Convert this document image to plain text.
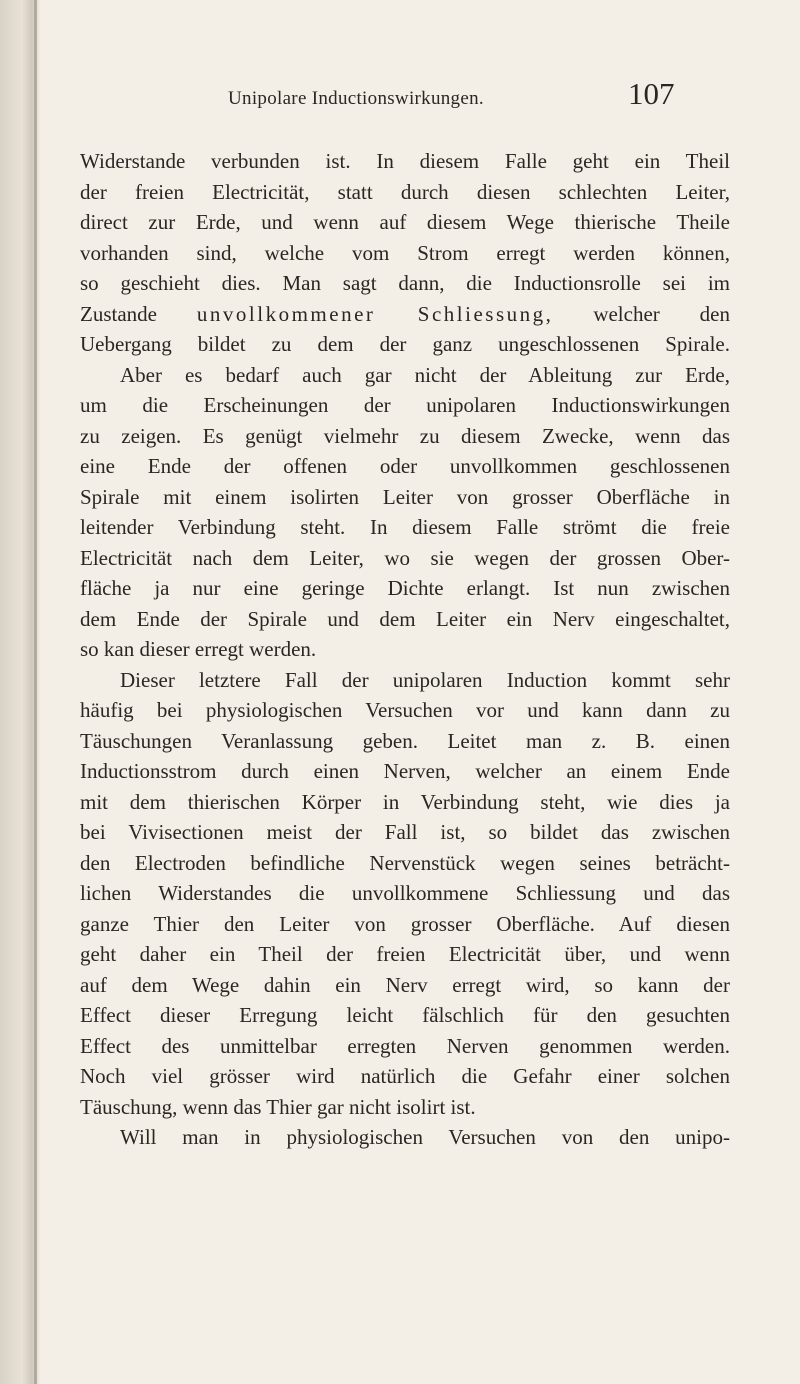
Unipolare Inductionswirkungen.	107
Widerstande verbunden ist. In diesem Falle geht ein Theil
der freien Electricität, statt durch diesen schlechten Leiter,
direct zur Erde, und wenn auf diesem Wege thierische Theile
vorhanden sind, welche vom Strom erregt werden können,
so geschieht dies. Man sagt dann, die Inductionsrolle sei im
Zustande unvollkommener Schliessung, welcher den
Uebergang bildet zu dem der ganz ungeschlossenen Spirale.
Aber es bedarf auch gar nicht der Ableitung zur Erde,
um die Erscheinungen der unipolaren Inductionswirkungen
zu zeigen. Es genügt vielmehr zu diesem Zwecke, wenn das
eine Ende der offenen oder unvollkommen geschlossenen
Spirale mit einem isolirten Leiter von grosser Oberfläche in
leitender Verbindung steht. In diesem Falle strömt die freie
Electricität nach dem Leiter, wo sie wegen der grossen Ober-
fläche ja nur eine geringe Dichte erlangt. Ist nun zwischen
dem Ende der Spirale und dem Leiter ein Nerv eingeschaltet,
so kan dieser erregt werden.
Dieser letztere Fall der unipolaren Induction kommt sehr
häufig bei physiologischen Versuchen vor und kann dann zu
Täuschungen Veranlassung geben. Leitet man z. B. einen
Inductionsstrom durch einen Nerven, welcher an einem Ende
mit dem thierischen Körper in Verbindung steht, wie dies ja
bei Vivisectionen meist der Fall ist, so bildet das zwischen
den Electroden befindliche Nervenstück wegen seines beträcht-
lichen Widerstandes die unvollkommene Schliessung und das
ganze Thier den Leiter von grosser Oberfläche. Auf diesen
geht daher ein Theil der freien Electricität über, und wenn
auf dem Wege dahin ein Nerv erregt wird, so kann der
Effect dieser Erregung leicht fälschlich für den gesuchten
Effect des unmittelbar erregten Nerven genommen werden.
Noch viel grösser wird natürlich die Gefahr einer solchen
Täuschung, wenn das Thier gar nicht isolirt ist.
Will man in physiologischen Versuchen von den unipo-
